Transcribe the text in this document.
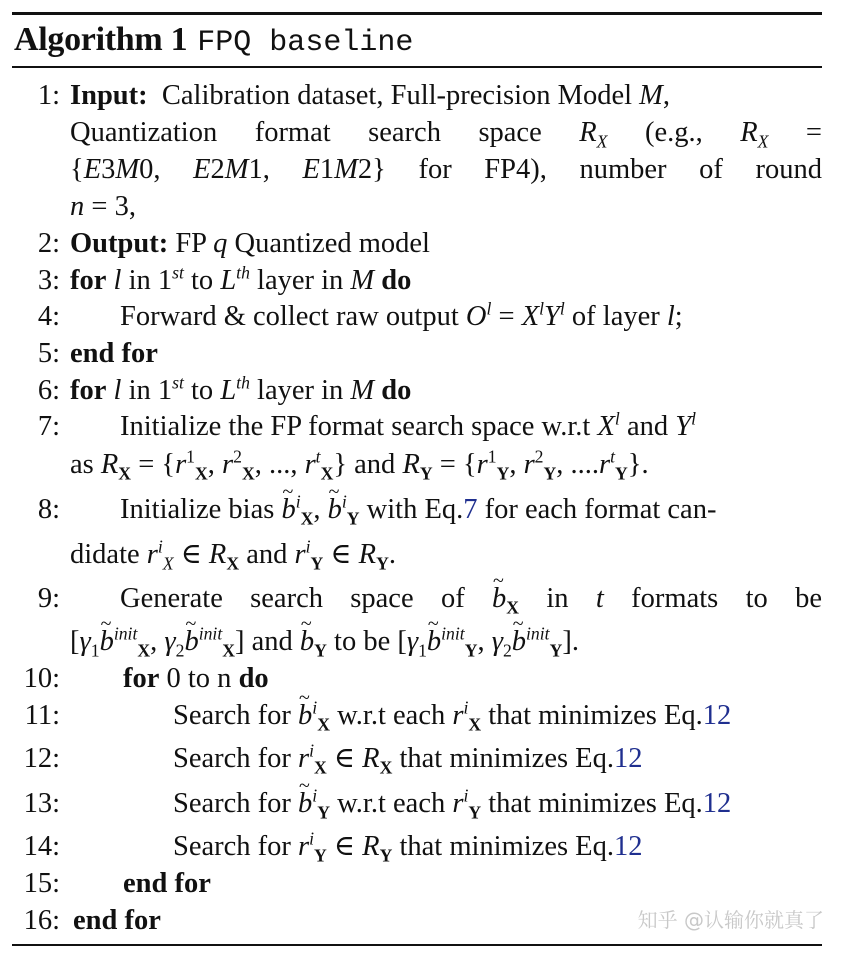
Algorithm 1 FPQ baseline
1: Input:  Calibration dataset, Full-precision Model M,
Quantization format search space $R_X$ (e.g., $R_X$ =
{E3M0, E2M1, E1M2} for FP4), number of round
n = 3,
2: Output: FP q Quantized model
3: for l in 1st to Lth layer in M do
4: Forward & collect raw output $O^l = X^lY^l$ of layer l;
5: end for
6: for l in 1st to Lth layer in M do
7: Initialize the FP format search space w.r.t $X^l$ and $Y^l$
as $R_X = \{r^1_X$, $r^2_X$, ..., $r^t_X$} and $R_Y = \{r^1_Y$, $r^2_Y$, $....r^t_Y$}.
8: Initialize bias ~ $b^i_X$, ~ $b^i_Y$ with Eq.7 for each format can-
didate $r^i_X$ ∈ $R_X$ and $r^i_Y$ ∈ $R_Y$.
9: Generate search space of ~ $b_X$ in t formats to be
[$\gamma_1\sim$ $b^{init}_X$, $\gamma_2\sim$ $b^{init}_X$] and ~ $b_Y$ to be [$\gamma_1\sim$ $b^{init}_Y$, $\gamma_2\sim$ $b^{init}_Y$].
10: for 0 to n do
11:	Search for ~ $b^i_X$ w.r.t each $r^i_X$ that minimizes Eq.12
12:	Search for $r^i_X$ ∈ $R_X$ that minimizes Eq.12
13:	Search for ~ $b^i_Y$ w.r.t each $r^i_Y$ that minimizes Eq.12
14:	Search for $r^i_Y$ ∈ $R_Y$ that minimizes Eq.12
15: end for
16: end for	知乎 @认输你就真了
